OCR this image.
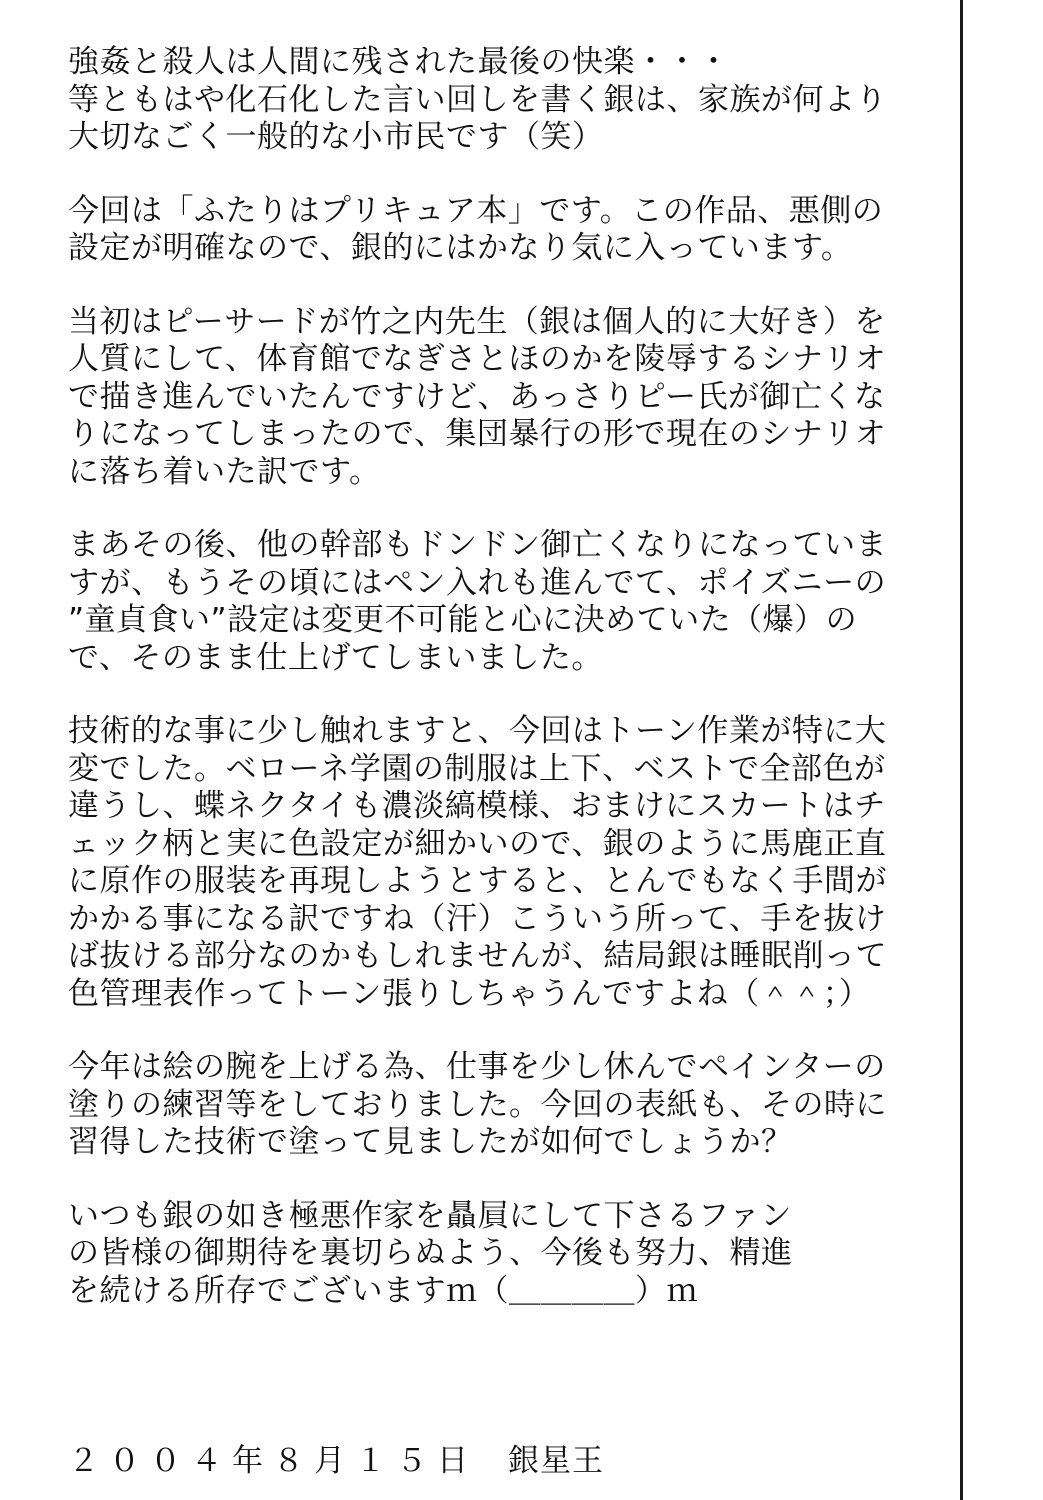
強姦と殺人は人間に残された最後の快楽・・・
等ともはや化石化した言い回しを書く銀は、家族が何より
大切なごく一般的な小市民です（笑）
今回は「ふたりはプリキュア本」です。この作品、悪側の
設定が明確なので、銀的にはかなり気に入っています。
当初はピーサードが竹之内先生（銀は個人的に大好き）を
人質にして、体育館でなぎさとほのかを陵辱するシナリオ
で描き進んでいたんですけど、あっさりピー氏が御亡くな
りになってしまったので、集団暴行の形で現在のシナリオ
に落ち着いた訳です。
まあその後、他の幹部もドンドン御亡くなりになっていま
すが、もうその頃にはペン入れも進んでて、ポイズニーの
”童貞食い”設定は変更不可能と心に決めていた（爆）の
で、そのまま仕上げてしまいました。
技術的な事に少し触れますと、今回はトーン作業が特に大
変でした。ベローネ学園の制服は上下、ベストで全部色が
違うし、蝶ネクタイも濃淡縞模様、おまけにスカートはチ
ェック柄と実に色設定が細かいので、銀のように馬鹿正直
に原作の服装を再現しようとすると、とんでもなく手間が
かかる事になる訳ですね（汗）こういう所って、手を抜け
ば抜ける部分なのかもしれませんが、結局銀は睡眠削って
色管理表作ってトーン張りしちゃうんですよね（＾＾；）
今年は絵の腕を上げる為、仕事を少し休んでペインターの
塗りの練習等をしておりました。今回の表紙も、その時に
習得した技術で塗って見ましたが如何でしょうか？
いつも銀の如き極悪作家を贔屓にして下さるファン
の皆様の御期待を裏切らぬよう、今後も努力、精進
を続ける所存でございますｍ（＿＿＿＿）ｍ
２００４年８月１５日 銀星王
